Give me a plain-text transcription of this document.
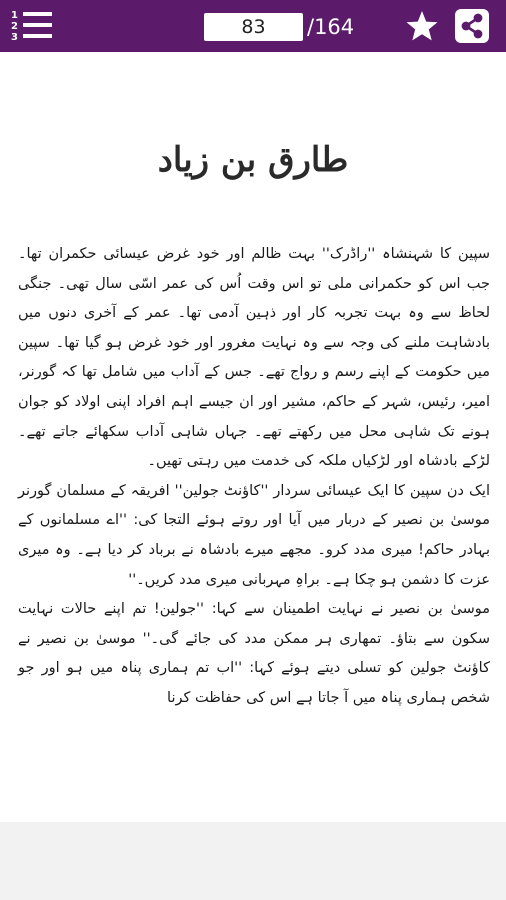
1
2
3
83	/164
طارق بن زیاد

سپین کا شہنشاہ ''راڈرک'' بہت ظالم اور خود غرض عیسائی حکمران تھا۔ جب اس کو حکمرانی ملی تو اس وقت اُس کی عمر اسّی سال تھی۔ جنگی لحاظ سے وہ بہت تجربہ کار اور ذہین آدمی تھا۔ عمر کے آخری دنوں میں بادشاہت ملنے کی وجہ سے وہ نہایت مغرور اور خود غرض ہو گیا تھا۔ سپین میں حکومت کے اپنے رسم و رواج تھے۔ جس کے آداب میں شامل تھا کہ گورنر، امیر، رئیس، شہر کے حاکم، مشیر اور ان جیسے اہم افراد اپنی اولاد کو جوان ہونے تک شاہی محل میں رکھتے تھے۔ جہاں شاہی آداب سکھائے جاتے تھے۔ لڑکے بادشاہ اور لڑکیاں ملکہ کی خدمت میں رہتی تھیں۔

ایک دن سپین کا ایک عیسائی سردار ''کاؤنٹ جولین'' افریقہ کے مسلمان گورنر موسیٰ بن نصیر کے دربار میں آیا اور روتے ہوئے التجا کی: ''اے مسلمانوں کے بہادر حاکم! میری مدد کرو۔ مجھے میرے بادشاہ نے برباد کر دیا ہے۔ وہ میری عزت کا دشمن ہو چکا ہے۔ براہِ مہربانی میری مدد کریں۔''

موسیٰ بن نصیر نے نہایت اطمینان سے کہا: ''جولین! تم اپنے حالات نہایت سکون سے بتاؤ۔ تمھاری ہر ممکن مدد کی جائے گی۔'' موسیٰ بن نصیر نے کاؤنٹ جولین کو تسلی دیتے ہوئے کہا: ''اب تم ہماری پناہ میں ہو اور جو شخص ہماری پناہ میں آ جاتا ہے اس کی حفاظت کرنا
